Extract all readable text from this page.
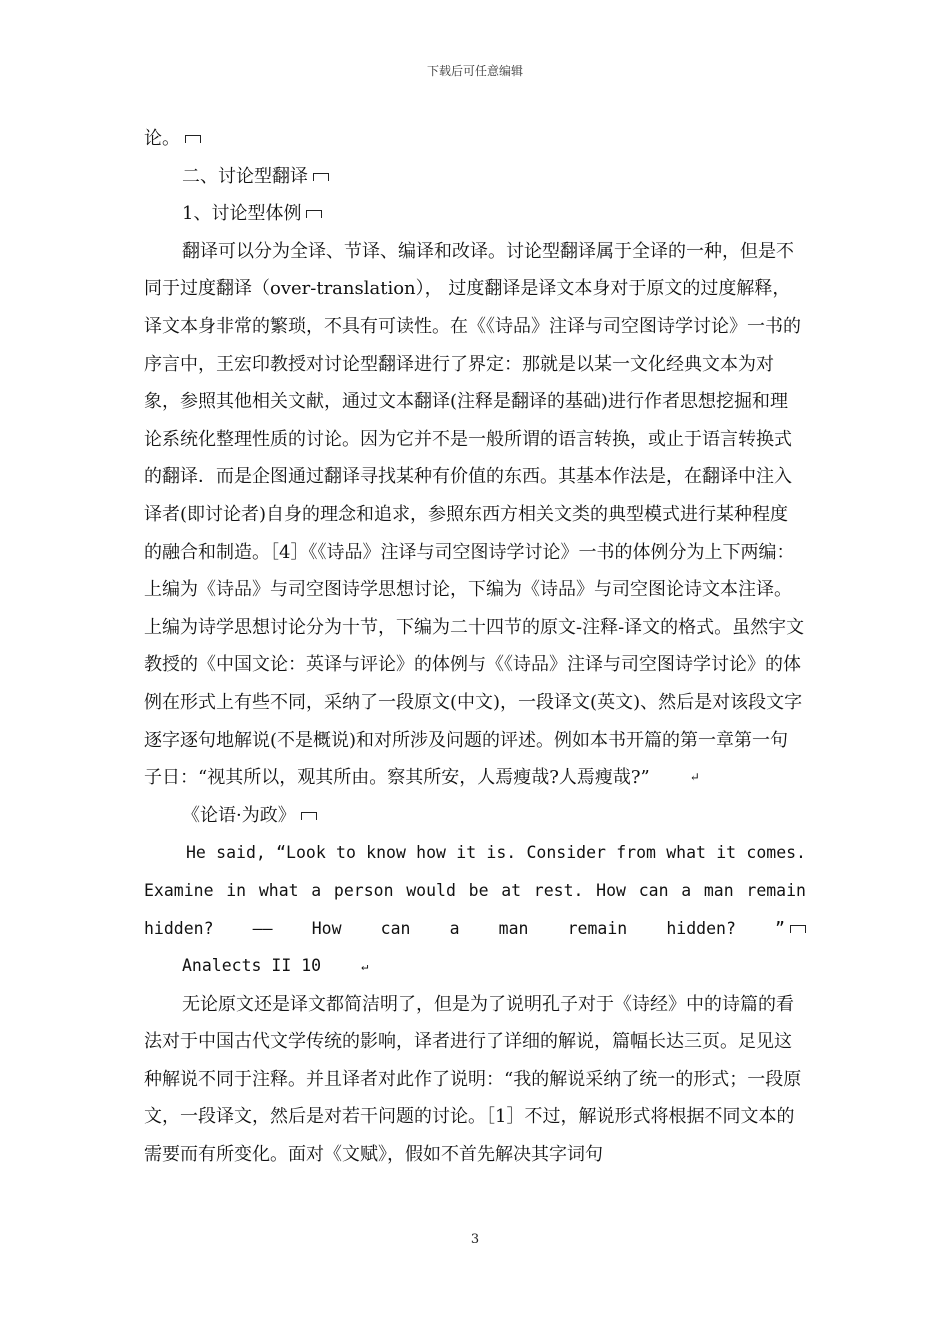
下载后可任意编辑

论。

二、讨论型翻译

1、讨论型体例

翻译可以分为全译、节译、编译和改译。讨论型翻译属于全译的一种，但是不同于过度翻译（over-translation）， 过度翻译是译文本身对于原文的过度解释，译文本身非常的繁琐，不具有可读性。在《《诗品》注译与司空图诗学讨论》一书的序言中，王宏印教授对讨论型翻译进行了界定：那就是以某一文化经典文本为对象，参照其他相关文献，通过文本翻译(注释是翻译的基础)进行作者思想挖掘和理论系统化整理性质的讨论。因为它并不是一般所谓的语言转换，或止于语言转换式的翻译．而是企图通过翻译寻找某种有价值的东西。其基本作法是，在翻译中注入译者(即讨论者)自身的理念和追求，参照东西方相关文类的典型模式进行某种程度的融合和制造。［4］《《诗品》注译与司空图诗学讨论》一书的体例分为上下两编：上编为《诗品》与司空图诗学思想讨论，下编为《诗品》与司空图论诗文本注译。上编为诗学思想讨论分为十节，下编为二十四节的原文-注释-译文的格式。虽然宇文教授的《中国文论：英译与评论》的体例与《《诗品》注译与司空图诗学讨论》的体例在形式上有些不同，采纳了一段原文(中文)，一段译文(英文)、然后是对该段文字逐字逐句地解说(不是概说)和对所涉及问题的评述。例如本书开篇的第一章第一句子日：“视其所以，观其所由。察其所安，人焉瘦哉?人焉瘦哉?”	↵

《论语·为政》

He said, “Look to know how it is. Consider from what it comes. Examine in what a person would be at rest. How can a man remain hidden? —— How can a man remain hidden? ”

Analects II 10	↵

无论原文还是译文都简洁明了，但是为了说明孔子对于《诗经》中的诗篇的看法对于中国古代文学传统的影响，译者进行了详细的解说，篇幅长达三页。足见这种解说不同于注释。并且译者对此作了说明：“我的解说采纳了统一的形式；一段原文，一段译文，然后是对若干问题的讨论。［1］不过，解说形式将根据不同文本的需要而有所变化。面对《文赋》，假如不首先解决其字词句

3
